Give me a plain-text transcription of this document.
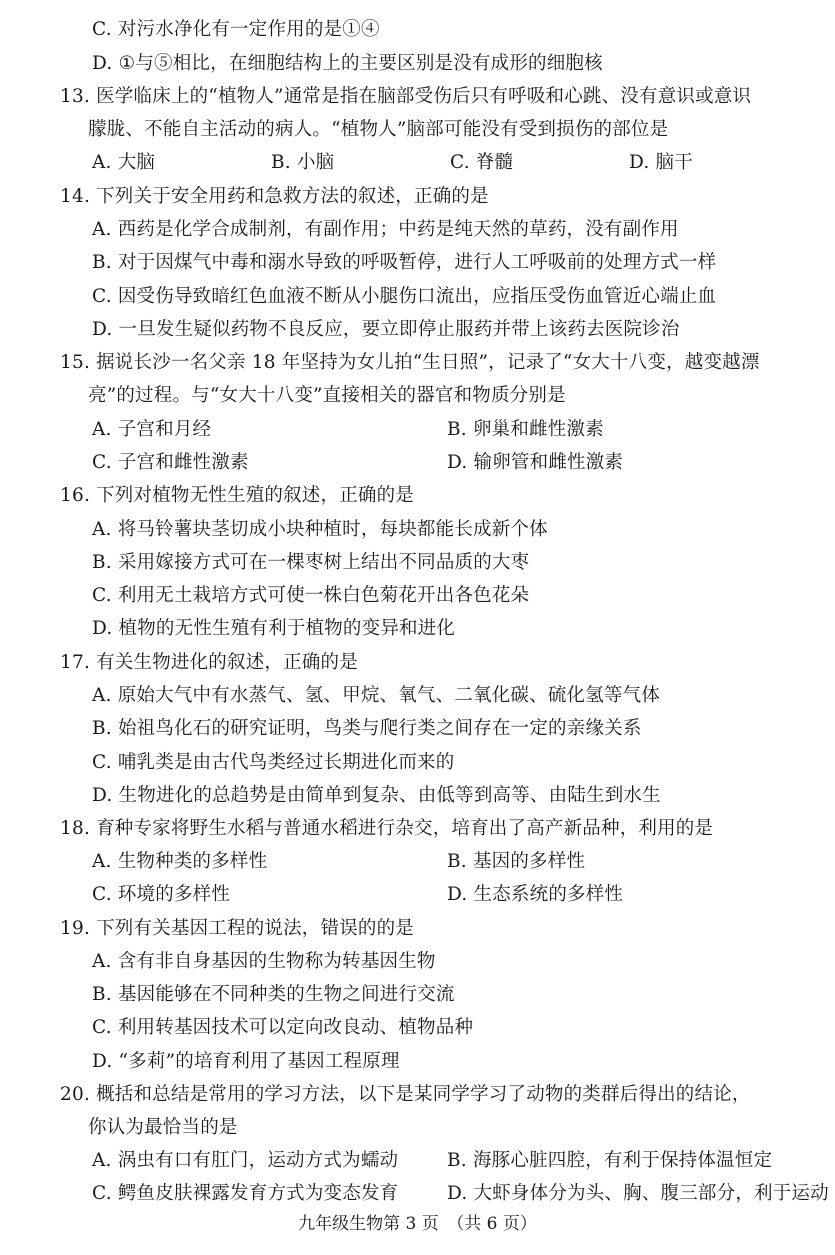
C. 对污水净化有一定作用的是①④
D. ①与⑤相比，在细胞结构上的主要区别是没有成形的细胞核
13. 医学临床上的“植物人”通常是指在脑部受伤后只有呼吸和心跳、没有意识或意识
朦胧、不能自主活动的病人。“植物人”脑部可能没有受到损伤的部位是
A. 大脑	B. 小脑	C. 脊髓	D. 脑干
14. 下列关于安全用药和急救方法的叙述，正确的是
A. 西药是化学合成制剂，有副作用；中药是纯天然的草药，没有副作用
B. 对于因煤气中毒和溺水导致的呼吸暂停，进行人工呼吸前的处理方式一样
C. 因受伤导致暗红色血液不断从小腿伤口流出，应指压受伤血管近心端止血
D. 一旦发生疑似药物不良反应，要立即停止服药并带上该药去医院诊治
15. 据说长沙一名父亲 18 年坚持为女儿拍“生日照”，记录了“女大十八变，越变越漂
亮”的过程。与“女大十八变”直接相关的器官和物质分别是
A. 子宫和月经	B. 卵巢和雌性激素
C. 子宫和雌性激素	D. 输卵管和雌性激素
16. 下列对植物无性生殖的叙述，正确的是
A. 将马铃薯块茎切成小块种植时，每块都能长成新个体
B. 采用嫁接方式可在一棵枣树上结出不同品质的大枣
C. 利用无土栽培方式可使一株白色菊花开出各色花朵
D. 植物的无性生殖有利于植物的变异和进化
17. 有关生物进化的叙述，正确的是
A. 原始大气中有水蒸气、氢、甲烷、氧气、二氧化碳、硫化氢等气体
B. 始祖鸟化石的研究证明，鸟类与爬行类之间存在一定的亲缘关系
C. 哺乳类是由古代鸟类经过长期进化而来的
D. 生物进化的总趋势是由简单到复杂、由低等到高等、由陆生到水生
18. 育种专家将野生水稻与普通水稻进行杂交，培育出了高产新品种，利用的是
A. 生物种类的多样性	B. 基因的多样性
C. 环境的多样性	D. 生态系统的多样性
19. 下列有关基因工程的说法，错误的的是
A. 含有非自身基因的生物称为转基因生物
B. 基因能够在不同种类的生物之间进行交流
C. 利用转基因技术可以定向改良动、植物品种
D. “多莉”的培育利用了基因工程原理
20. 概括和总结是常用的学习方法，以下是某同学学习了动物的类群后得出的结论，
你认为最恰当的是
A. 涡虫有口有肛门，运动方式为蠕动	B. 海豚心脏四腔，有利于保持体温恒定
C. 鳄鱼皮肤裸露发育方式为变态发育	D. 大虾身体分为头、胸、腹三部分，利于运动
九年级生物第 3 页　（共 6 页）
